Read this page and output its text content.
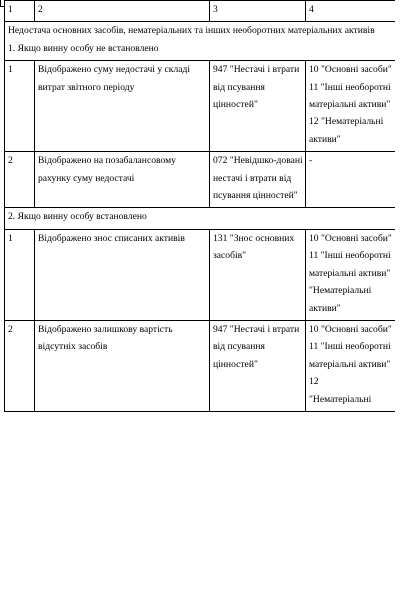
1	2	3	4

Недостача основних засобів, нематеріальних та інших необоротних матеріальних активів
1. Якщо винну особу не встановлено			

1	Відображено суму недостачі у складі витрат звітного періоду	947 "Нестачі і втрати від псування цінностей"	10 "Основні засоби"
11 "Інші необоротні матеріальні активи"
12 "Нематеріальні активи"

2	Відображено на позабалансовому рахунку суму недостачі	072 "Невідшко-довані нестачі і втрати від псування цінностей"	-

2. Якщо винну особу встановлено			
1	Відображено знос списаних активів	131 "Знос основних засобів"	10 "Основні засоби"
11 "Інші необоротні матеріальні активи"
"Нематеріальні активи"

2	Відображено залишкову вартість відсутніх засобів	947 "Нестачі і втрати від псування цінностей"	10 "Основні засоби"
11 "Інші необоротні матеріальні активи"
12
"Нематеріальні
